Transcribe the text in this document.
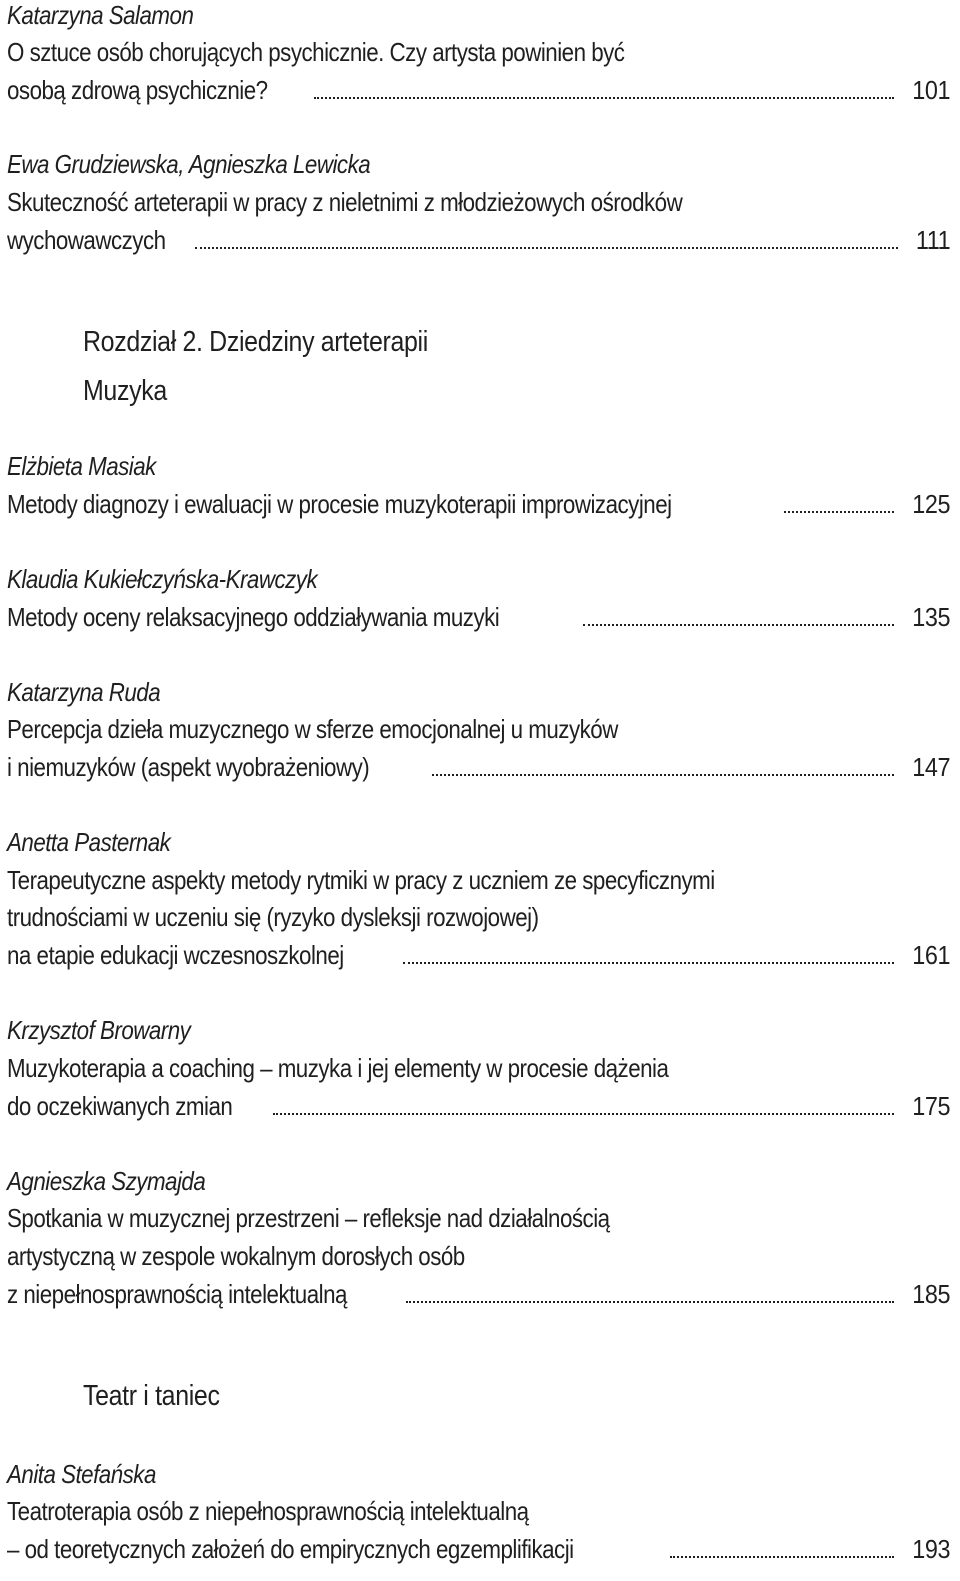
Katarzyna Salamon
O sztuce osób chorujących psychicznie. Czy artysta powinien być
osobą zdrową psychicznie?	101
Ewa Grudziewska, Agnieszka Lewicka
Skuteczność arteterapii w pracy z nieletnimi z młodzieżowych ośrodków
wychowawczych	111
Rozdział 2. Dziedziny arteterapii
Muzyka
Elżbieta Masiak
Metody diagnozy i ewaluacji w procesie muzykoterapii improwizacyjnej	125
Klaudia Kukiełczyńska-Krawczyk
Metody oceny relaksacyjnego oddziaływania muzyki	135
Katarzyna Ruda
Percepcja dzieła muzycznego w sferze emocjonalnej u muzyków
i niemuzyków (aspekt wyobrażeniowy)	147
Anetta Pasternak
Terapeutyczne aspekty metody rytmiki w pracy z uczniem ze specyficznymi
trudnościami w uczeniu się (ryzyko dysleksji rozwojowej)
na etapie edukacji wczesnoszkolnej	161
Krzysztof Browarny
Muzykoterapia a coaching – muzyka i jej elementy w procesie dążenia
do oczekiwanych zmian	175
Agnieszka Szymajda
Spotkania w muzycznej przestrzeni – refleksje nad działalnością
artystyczną w zespole wokalnym dorosłych osób
z niepełnosprawnością intelektualną	185
Teatr i taniec
Anita Stefańska
Teatroterapia osób z niepełnosprawnością intelektualną
– od teoretycznych założeń do empirycznych egzemplifikacji	193
